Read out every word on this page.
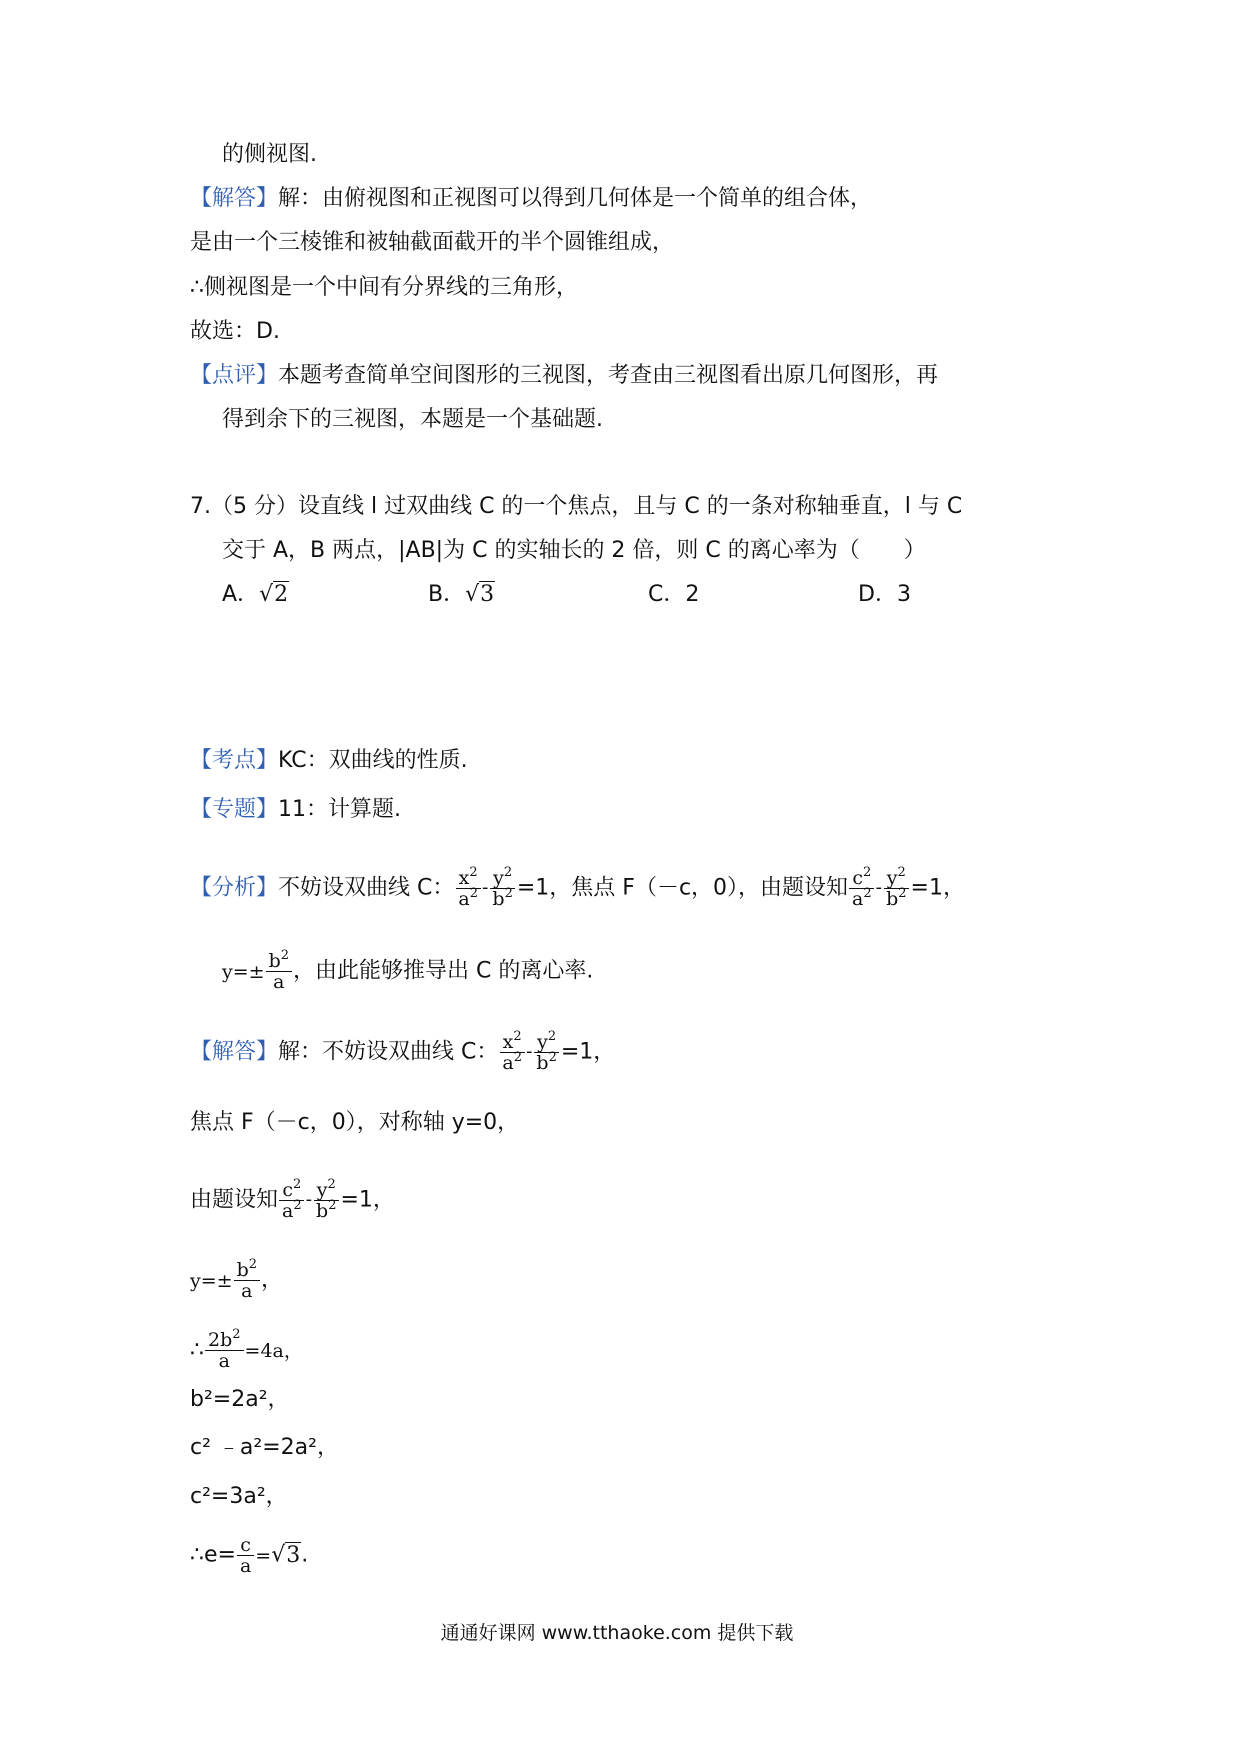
的侧视图.
【解答】解：由俯视图和正视图可以得到几何体是一个简单的组合体，
是由一个三棱锥和被轴截面截开的半个圆锥组成，
∴侧视图是一个中间有分界线的三角形，
故选：D.
【点评】本题考查简单空间图形的三视图，考查由三视图看出原几何图形，再
得到余下的三视图，本题是一个基础题.
7.（5 分）设直线 l 过双曲线 C 的一个焦点，且与 C 的一条对称轴垂直，l 与 C
交于 A，B 两点，|AB|为 C 的实轴长的 2 倍，则 C 的离心率为（　　）
A．√2	B．√3	C．2	D．3
【考点】KC：双曲线的性质.
【专题】11：计算题.
【分析】不妨设双曲线 C： $\frac{x^2}{a^2} - \frac{y^2}{b^2} =1$，焦点 F（－c，0），由题设知 $\frac{c^2}{a^2} - \frac{y^2}{b^2} =1$，
$y=\pm \frac{b^2}{a}$ ，由此能够推导出 C 的离心率.
【解答】解：不妨设双曲线 C： $\frac{x^2}{a^2} - \frac{y^2}{b^2} =1$，
焦点 F（－c，0），对称轴 y=0，
由题设知 $\frac{c^2}{a^2} - \frac{y^2}{b^2} =1$，
$y=\pm \frac{b^2}{a}$ ，
∴ $\frac{2b^2}{a} =4a$，
b²=2a²，
c² ﹣a²=2a²，
c²=3a²，
∴e= $\frac{c}{a} =√3$.
通通好课网 www.tthaoke.com 提供下载
